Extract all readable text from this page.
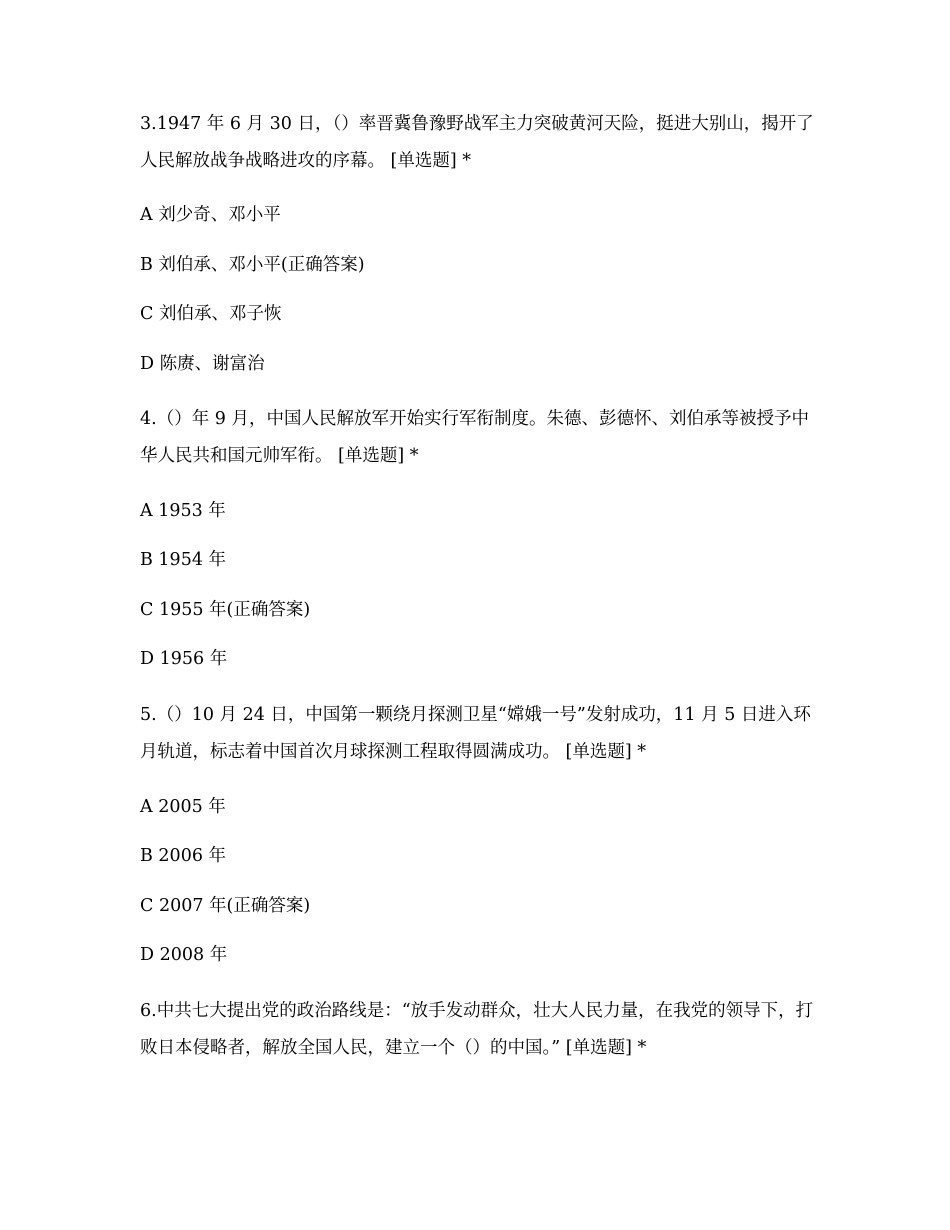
3.1947 年 6 月 30 日，（）率晋冀鲁豫野战军主力突破黄河天险，挺进大别山，揭开了人民解放战争战略进攻的序幕。 [单选题] *

A 刘少奇、邓小平

B 刘伯承、邓小平(正确答案)

C 刘伯承、邓子恢

D 陈赓、谢富治

4.（）年 9 月，中国人民解放军开始实行军衔制度。朱德、彭德怀、刘伯承等被授予中华人民共和国元帅军衔。 [单选题] *

A 1953 年

B 1954 年

C 1955 年(正确答案)

D 1956 年

5.（）10 月 24 日，中国第一颗绕月探测卫星“嫦娥一号”发射成功，11 月 5 日进入环月轨道，标志着中国首次月球探测工程取得圆满成功。 [单选题] *

A 2005 年

B 2006 年

C 2007 年(正确答案)

D 2008 年

6.中共七大提出党的政治路线是：“放手发动群众，壮大人民力量，在我党的领导下，打败日本侵略者，解放全国人民，建立一个（）的中国。” [单选题] *
